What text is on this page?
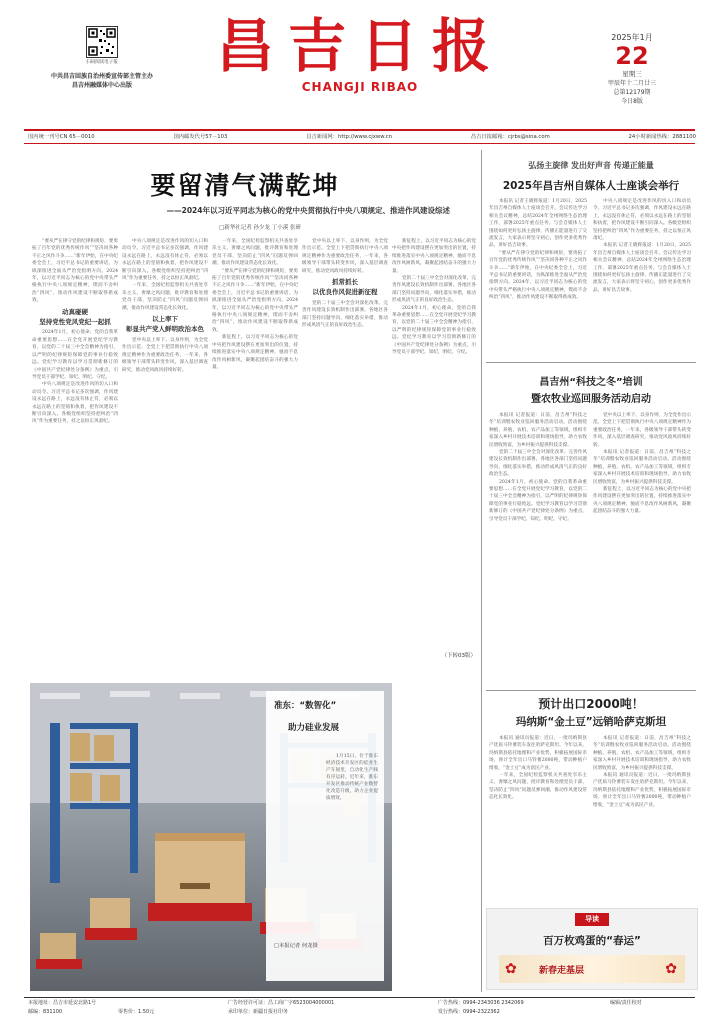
扫码阅读电子报
中共昌吉回族自治州委宣传部主管主办
昌吉州融媒体中心出版
昌吉日报
CHANGJI RIBAO
2025年1月
22
星期三
甲辰年十二月廿三
总第12179期
今日8版
国内统一刊号CN 65－0010	国内邮发代号57－103	昌吉新闻网：http://www.cjxww.cn	昌吉日报邮箱：cjrbs@sina.com	24小时新闻热线：2881100
要留清气满乾坤
——2024年以习近平同志为核心的党中央贯彻执行中央八项规定、推进作风建设综述
□新华社记者 孙少龙 丁小溪 张研

“要从严在律守党的纪律和规矩，要勇拓了百年党的优秀传统作风”“坚决同各种不正之风作斗争……”新年伊始，在中央纪委全会上，习近平总书记的重要讲话，为纵深推进全面从严治党指明方向。2024年，以习近平同志为核心的党中央带头严格执行中央八项规定精神，锲而不舍纠治“四风”，推动作风建设不断取得新成效。

动真碰硬
坚持党性党风党纪一起抓

2024年1月，初心使命、党的自我革命重要思想……在全党开展党纪学习教育，以党的二十届三中全会精神为指引，以严明的纪律规矩保障党的事业行稳致远。党纪学习教育以学习贯彻新修订的《中国共产党纪律处分条例》为重点，引导党员干部学纪、知纪、明纪、守纪。

中央八项规定是改进作风的切入口和动员令。习近平总书记多次强调，作风建设永远在路上，永远没有休止符，必须以永远在路上的坚韧和执着，把作风建设不断引向深入。各级党组织坚持把纠治“四风”作为重要任务，持之以恒正风肃纪。

中央八项规定是改进作风的切入口和动员令。习近平总书记多次强调，作风建设永远在路上，永远没有休止符，必须以永远在路上的坚韧和执着，把作风建设不断引向深入。各级党组织坚持把纠治“四风”作为重要任务，持之以恒正风肃纪。

一年来，全国纪检监察机关共查处享乐主义、奢靡之风问题，批评教育和处理党员干部，坚决防止“四风”问题反弹回潮，推动作风建设常态化长效化。

以上率下
彰显共产党人鲜明政治本色

党中央以上率下、以身作则，为全党作出示范。全党上下把贯彻执行中央八项规定精神作为重要政治任务，一年来，各级领导干部带头转变作风，深入基层调查研究，推动党风政风持续好转。

一年来，全国纪检监察机关共查处享乐主义、奢靡之风问题，批评教育和处理党员干部，坚决防止“四风”问题反弹回潮，推动作风建设常态化长效化。

“要从严在律守党的纪律和规矩，要勇拓了百年党的优秀传统作风”“坚决同各种不正之风作斗争……”新年伊始，在中央纪委全会上，习近平总书记的重要讲话，为纵深推进全面从严治党指明方向。2024年，以习近平同志为核心的党中央带头严格执行中央八项规定精神，锲而不舍纠治“四风”，推动作风建设不断取得新成效。

新征程上，以习近平同志为核心的党中央把作风建设摆在更加突出的位置，持续推进落实中央八项规定精神，驰而不息改作风树新风，凝聚起团结奋斗的强大力量。

党中央以上率下、以身作则，为全党作出示范。全党上下把贯彻执行中央八项规定精神作为重要政治任务，一年来，各级领导干部带头转变作风，深入基层调查研究，推动党风政风持续好转。

抓常抓长
以优良作风促进新征程

党的二十届三中全会对深化改革、完善作风建设长效机制作出部署。各地区各部门坚持问题导向，细化落实举措，推动形成风清气正的良好政治生态。

新征程上，以习近平同志为核心的党中央把作风建设摆在更加突出的位置，持续推进落实中央八项规定精神，驰而不息改作风树新风，凝聚起团结奋斗的强大力量。

党的二十届三中全会对深化改革、完善作风建设长效机制作出部署。各地区各部门坚持问题导向，细化落实举措，推动形成风清气正的良好政治生态。

2024年1月，初心使命、党的自我革命重要思想……在全党开展党纪学习教育，以党的二十届三中全会精神为指引，以严明的纪律规矩保障党的事业行稳致远。党纪学习教育以学习贯彻新修订的《中国共产党纪律处分条例》为重点，引导党员干部学纪、知纪、明纪、守纪。

（下转03版）
弘扬主旋律 发出好声音 传递正能量
2025年昌吉州自媒体人士座谈会举行

本报讯 记者王晓辉报道：1月20日，2025年昌吉州自媒体人士座谈会召开。会议传达学习相关会议精神，总结2024年全州网络生态治理工作，部署2025年重点任务。与会自媒体人士围绕如何更好弘扬主旋律、传播正能量进行了交流发言，大家表示将坚守初心，创作更多优秀作品，讲好昌吉故事。

“要从严在律守党的纪律和规矩，要勇拓了百年党的优秀传统作风”“坚决同各种不正之风作斗争……”新年伊始，在中央纪委全会上，习近平总书记的重要讲话，为纵深推进全面从严治党指明方向。2024年，以习近平同志为核心的党中央带头严格执行中央八项规定精神，锲而不舍纠治“四风”，推动作风建设不断取得新成效。

中央八项规定是改进作风的切入口和动员令。习近平总书记多次强调，作风建设永远在路上，永远没有休止符，必须以永远在路上的坚韧和执着，把作风建设不断引向深入。各级党组织坚持把纠治“四风”作为重要任务，持之以恒正风肃纪。

本报讯 记者王晓辉报道：1月20日，2025年昌吉州自媒体人士座谈会召开。会议传达学习相关会议精神，总结2024年全州网络生态治理工作，部署2025年重点任务。与会自媒体人士围绕如何更好弘扬主旋律、传播正能量进行了交流发言，大家表示将坚守初心，创作更多优秀作品，讲好昌吉故事。

昌吉州“科技之冬”培训
暨农牧业巡回服务活动启动

本报讯 记者报道：日前，昌吉州“科技之冬”培训暨农牧业巡回服务活动启动。活动围绕种植、养殖、农机、农产品加工等领域，组织专家深入乡村开展技术培训和现场指导，助力农牧民增收致富，为乡村振兴提供科技支撑。

党的二十届三中全会对深化改革、完善作风建设长效机制作出部署。各地区各部门坚持问题导向，细化落实举措，推动形成风清气正的良好政治生态。

2024年1月，初心使命、党的自我革命重要思想……在全党开展党纪学习教育，以党的二十届三中全会精神为指引，以严明的纪律规矩保障党的事业行稳致远。党纪学习教育以学习贯彻新修订的《中国共产党纪律处分条例》为重点，引导党员干部学纪、知纪、明纪、守纪。

党中央以上率下、以身作则，为全党作出示范。全党上下把贯彻执行中央八项规定精神作为重要政治任务，一年来，各级领导干部带头转变作风，深入基层调查研究，推动党风政风持续好转。

本报讯 记者报道：日前，昌吉州“科技之冬”培训暨农牧业巡回服务活动启动。活动围绕种植、养殖、农机、农产品加工等领域，组织专家深入乡村开展技术培训和现场指导，助力农牧民增收致富，为乡村振兴提供科技支撑。

新征程上，以习近平同志为核心的党中央把作风建设摆在更加突出的位置，持续推进落实中央八项规定精神，驰而不息改作风树新风，凝聚起团结奋斗的强大力量。

预计出口2000吨！
玛纳斯“金土豆”远销哈萨克斯坦

本报讯 通讯员报道：近日，一批玛纳斯县产优质马铃薯装车发往哈萨克斯坦。今年以来，玛纳斯县依托地理和产业优势，积极拓展国际市场，预计全年出口马铃薯2000吨，带动种植户增收，“金土豆”成为富民产业。

一年来，全国纪检监察机关共查处享乐主义、奢靡之风问题，批评教育和处理党员干部，坚决防止“四风”问题反弹回潮，推动作风建设常态化长效化。

本报讯 记者报道：日前，昌吉州“科技之冬”培训暨农牧业巡回服务活动启动。活动围绕种植、养殖、农机、农产品加工等领域，组织专家深入乡村开展技术培训和现场指导，助力农牧民增收致富，为乡村振兴提供科技支撑。

本报讯 通讯员报道：近日，一批玛纳斯县产优质马铃薯装车发往哈萨克斯坦。今年以来，玛纳斯县依托地理和产业优势，积极拓展国际市场，预计全年出口马铃薯2000吨，带动种植户增收，“金土豆”成为富民产业。

导读
百万枚鸡蛋的“春运”
✿ 新春走基层	✿
准东：“数智化”
助力硅业发展

1月15日，位于准东经济技术开发区的硅业生产车间里，自动化生产线有序运转。近年来，准东开发区推动传统产业数智化改造升级，助力企业提质增效。

□本报记者 何龙摄
本报地址：昌吉市延安北路1号
邮编：831100	零售价：1.50元
广告经营许可证：昌工商广字6523004000001
承印单位：新疆日报社印务
广告热线：0994-2343036 2342069
发行热线：0994-2322362
编辑/责任校对
